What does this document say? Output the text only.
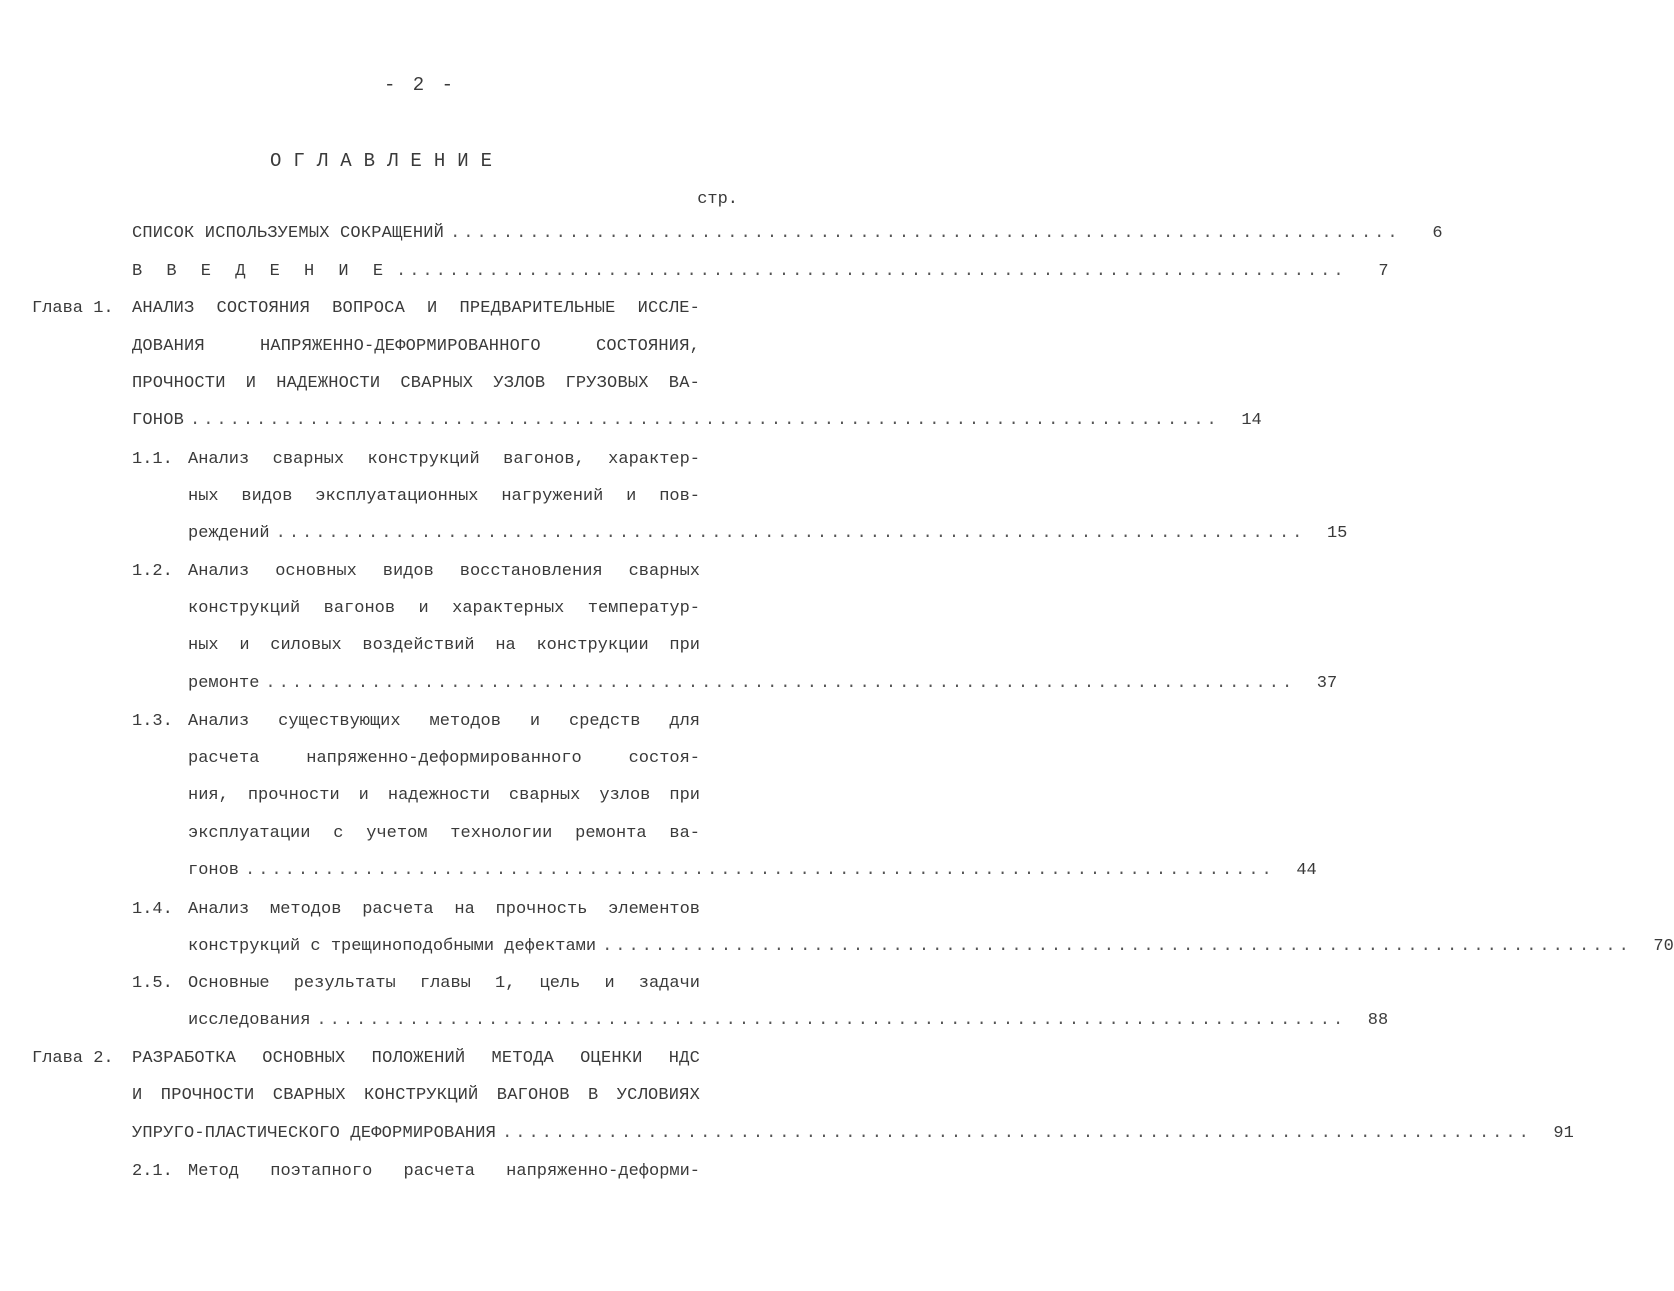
- 2 -
ОГЛАВЛЕНИЕ
стр.
СПИСОК ИСПОЛЬЗУЕМЫХ СОКРАЩЕНИЙ ........................................................................	6
В В Е Д Е Н И Е ........................................................................	7
Глава 1. АНАЛИЗ СОСТОЯНИЯ ВОПРОСА И ПРЕДВАРИТЕЛЬНЫЕ ИССЛЕ-
ДОВАНИЯ НАПРЯЖЕННО-ДЕФОРМИРОВАННОГО СОСТОЯНИЯ,
ПРОЧНОСТИ И НАДЕЖНОСТИ СВАРНЫХ УЗЛОВ ГРУЗОВЫХ ВА-
ГОНОВ ..............................................................................	14
1.1. Анализ сварных конструкций вагонов, характер-
ных видов эксплуатационных нагружений и пов-
реждений ..............................................................................	15
1.2. Анализ основных видов восстановления сварных
конструкций вагонов и характерных температур-
ных и силовых воздействий на конструкции при
ремонте ..............................................................................	37
1.3. Анализ существующих методов и средств для
расчета напряженно-деформированного состоя-
ния, прочности и надежности сварных узлов при
эксплуатации с учетом технологии ремонта ва-
гонов ..............................................................................	44
1.4. Анализ методов расчета на прочность элементов
конструкций с трещиноподобными дефектами ..............................................................................	70
1.5. Основные результаты главы 1, цель и задачи
исследования ..............................................................................	88
Глава 2. РАЗРАБОТКА ОСНОВНЫХ ПОЛОЖЕНИЙ МЕТОДА ОЦЕНКИ НДС
И ПРОЧНОСТИ СВАРНЫХ КОНСТРУКЦИЙ ВАГОНОВ В УСЛОВИЯХ
УПРУГО-ПЛАСТИЧЕСКОГО ДЕФОРМИРОВАНИЯ ..............................................................................	91
2.1. Метод поэтапного расчета напряженно-деформи-
